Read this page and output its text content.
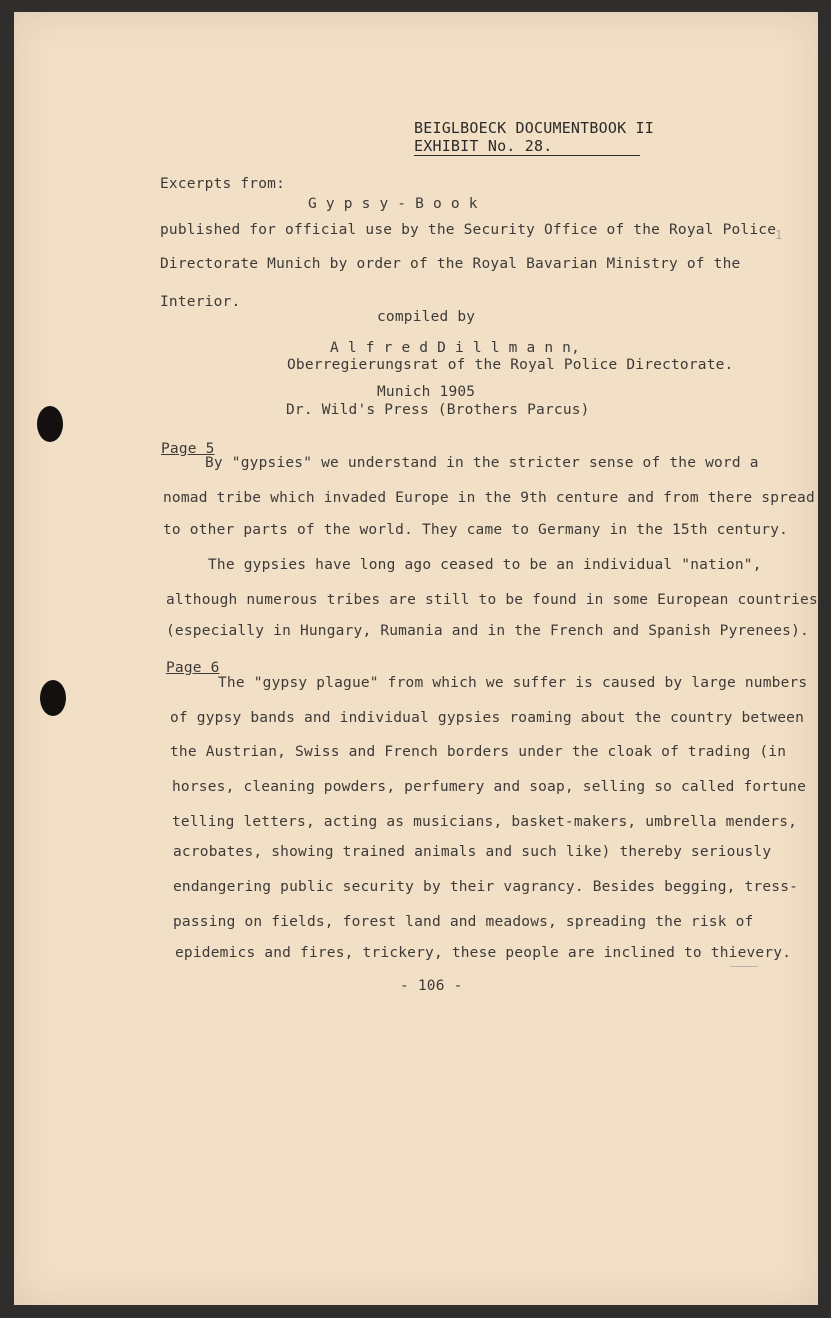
BEIGLBOECK DOCUMENTBOOK II
EXHIBIT No. 28.
Excerpts from:
G y p s y - B o o k
published for official use by the Security Office of the Royal Police
Directorate Munich by order of the Royal Bavarian Ministry of the
Interior.
compiled by
A l f r e d D i l l m a n n,
Oberregierungsrat of the Royal Police Directorate.
Munich 1905
Dr. Wild's Press (Brothers Parcus)
Page 5
By "gypsies" we understand in the stricter sense of the word a
nomad tribe which invaded Europe in the 9th centure and from there spread
to other parts of the world. They came to Germany in the 15th century.
The gypsies have long ago ceased to be an individual "nation",
although numerous tribes are still to be found in some European countries
(especially in Hungary, Rumania and in the French and Spanish Pyrenees).
Page 6
The "gypsy plague" from which we suffer is caused by large numbers
of gypsy bands and individual gypsies roaming about the country between
the Austrian, Swiss and French borders under the cloak of trading (in
horses, cleaning powders, perfumery and soap, selling so called fortune
telling letters, acting as musicians, basket-makers, umbrella menders,
acrobates, showing trained animals and such like) thereby seriously
endangering public security by their vagrancy. Besides begging, tress-
passing on fields, forest land and meadows, spreading the risk of
epidemics and fires, trickery, these people are inclined to thievery.
- 106 -
1
